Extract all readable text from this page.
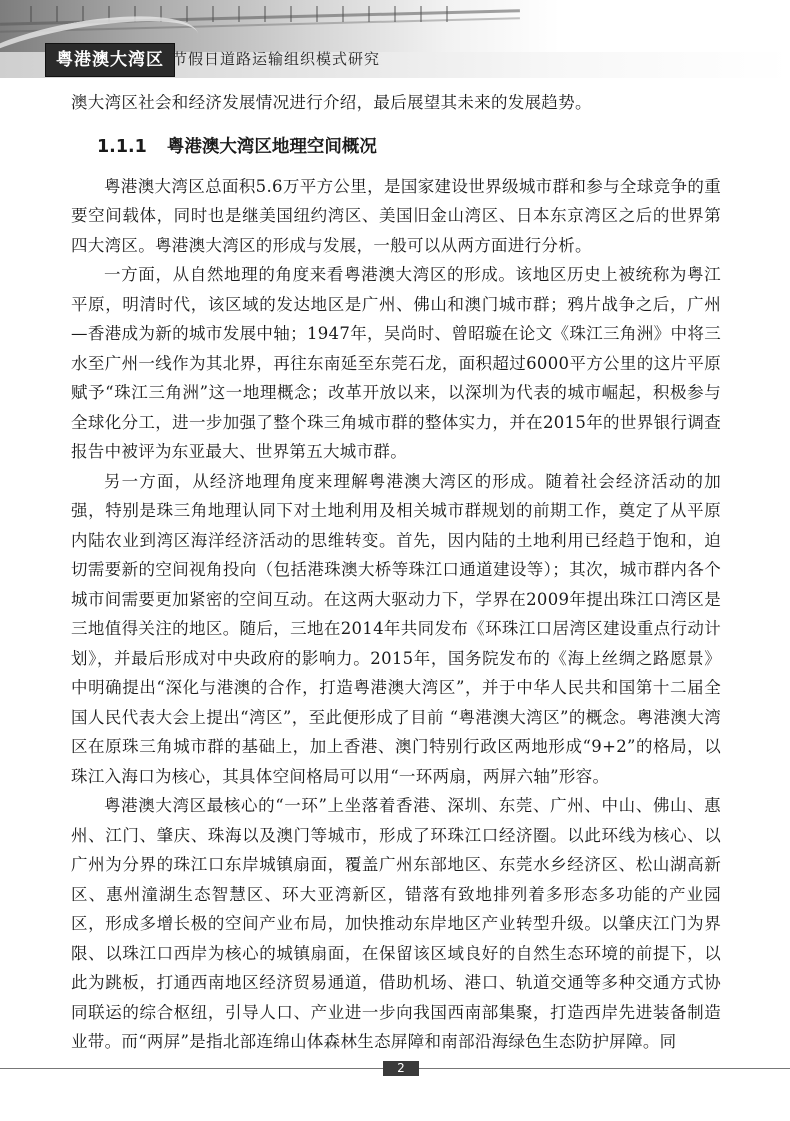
粤港澳大湾区 节假日道路运输组织模式研究

澳大湾区社会和经济发展情况进行介绍，最后展望其未来的发展趋势。

1.1.1 粤港澳大湾区地理空间概况

粤港澳大湾区总面积5.6万平方公里，是国家建设世界级城市群和参与全球竞争的重要空间载体，同时也是继美国纽约湾区、美国旧金山湾区、日本东京湾区之后的世界第四大湾区。粤港澳大湾区的形成与发展，一般可以从两方面进行分析。

一方面，从自然地理的角度来看粤港澳大湾区的形成。该地区历史上被统称为粤江平原，明清时代，该区域的发达地区是广州、佛山和澳门城市群；鸦片战争之后，广州—香港成为新的城市发展中轴；1947年，吴尚时、曾昭璇在论文《珠江三角洲》中将三水至广州一线作为其北界，再往东南延至东莞石龙，面积超过6000平方公里的这片平原赋予“珠江三角洲”这一地理概念；改革开放以来，以深圳为代表的城市崛起，积极参与全球化分工，进一步加强了整个珠三角城市群的整体实力，并在2015年的世界银行调查报告中被评为东亚最大、世界第五大城市群。

另一方面，从经济地理角度来理解粤港澳大湾区的形成。随着社会经济活动的加强，特别是珠三角地理认同下对土地利用及相关城市群规划的前期工作，奠定了从平原内陆农业到湾区海洋经济活动的思维转变。首先，因内陆的土地利用已经趋于饱和，迫切需要新的空间视角投向（包括港珠澳大桥等珠江口通道建设等）；其次，城市群内各个城市间需要更加紧密的空间互动。在这两大驱动力下，学界在2009年提出珠江口湾区是三地值得关注的地区。随后，三地在2014年共同发布《环珠江口居湾区建设重点行动计划》，并最后形成对中央政府的影响力。2015年，国务院发布的《海上丝绸之路愿景》中明确提出“深化与港澳的合作，打造粤港澳大湾区”，并于中华人民共和国第十二届全国人民代表大会上提出“湾区”，至此便形成了目前 “粤港澳大湾区”的概念。粤港澳大湾区在原珠三角城市群的基础上，加上香港、澳门特别行政区两地形成“9+2”的格局，以珠江入海口为核心，其具体空间格局可以用“一环两扇，两屏六轴”形容。

粤港澳大湾区最核心的“一环”上坐落着香港、深圳、东莞、广州、中山、佛山、惠州、江门、肇庆、珠海以及澳门等城市，形成了环珠江口经济圈。以此环线为核心、以广州为分界的珠江口东岸城镇扇面，覆盖广州东部地区、东莞水乡经济区、松山湖高新区、惠州潼湖生态智慧区、环大亚湾新区，错落有致地排列着多形态多功能的产业园区，形成多增长极的空间产业布局，加快推动东岸地区产业转型升级。以肇庆江门为界限、以珠江口西岸为核心的城镇扇面，在保留该区域良好的自然生态环境的前提下，以此为跳板，打通西南地区经济贸易通道，借助机场、港口、轨道交通等多种交通方式协同联运的综合枢纽，引导人口、产业进一步向我国西南部集聚，打造西岸先进装备制造业带。而“两屏”是指北部连绵山体森林生态屏障和南部沿海绿色生态防护屏障。同

2
